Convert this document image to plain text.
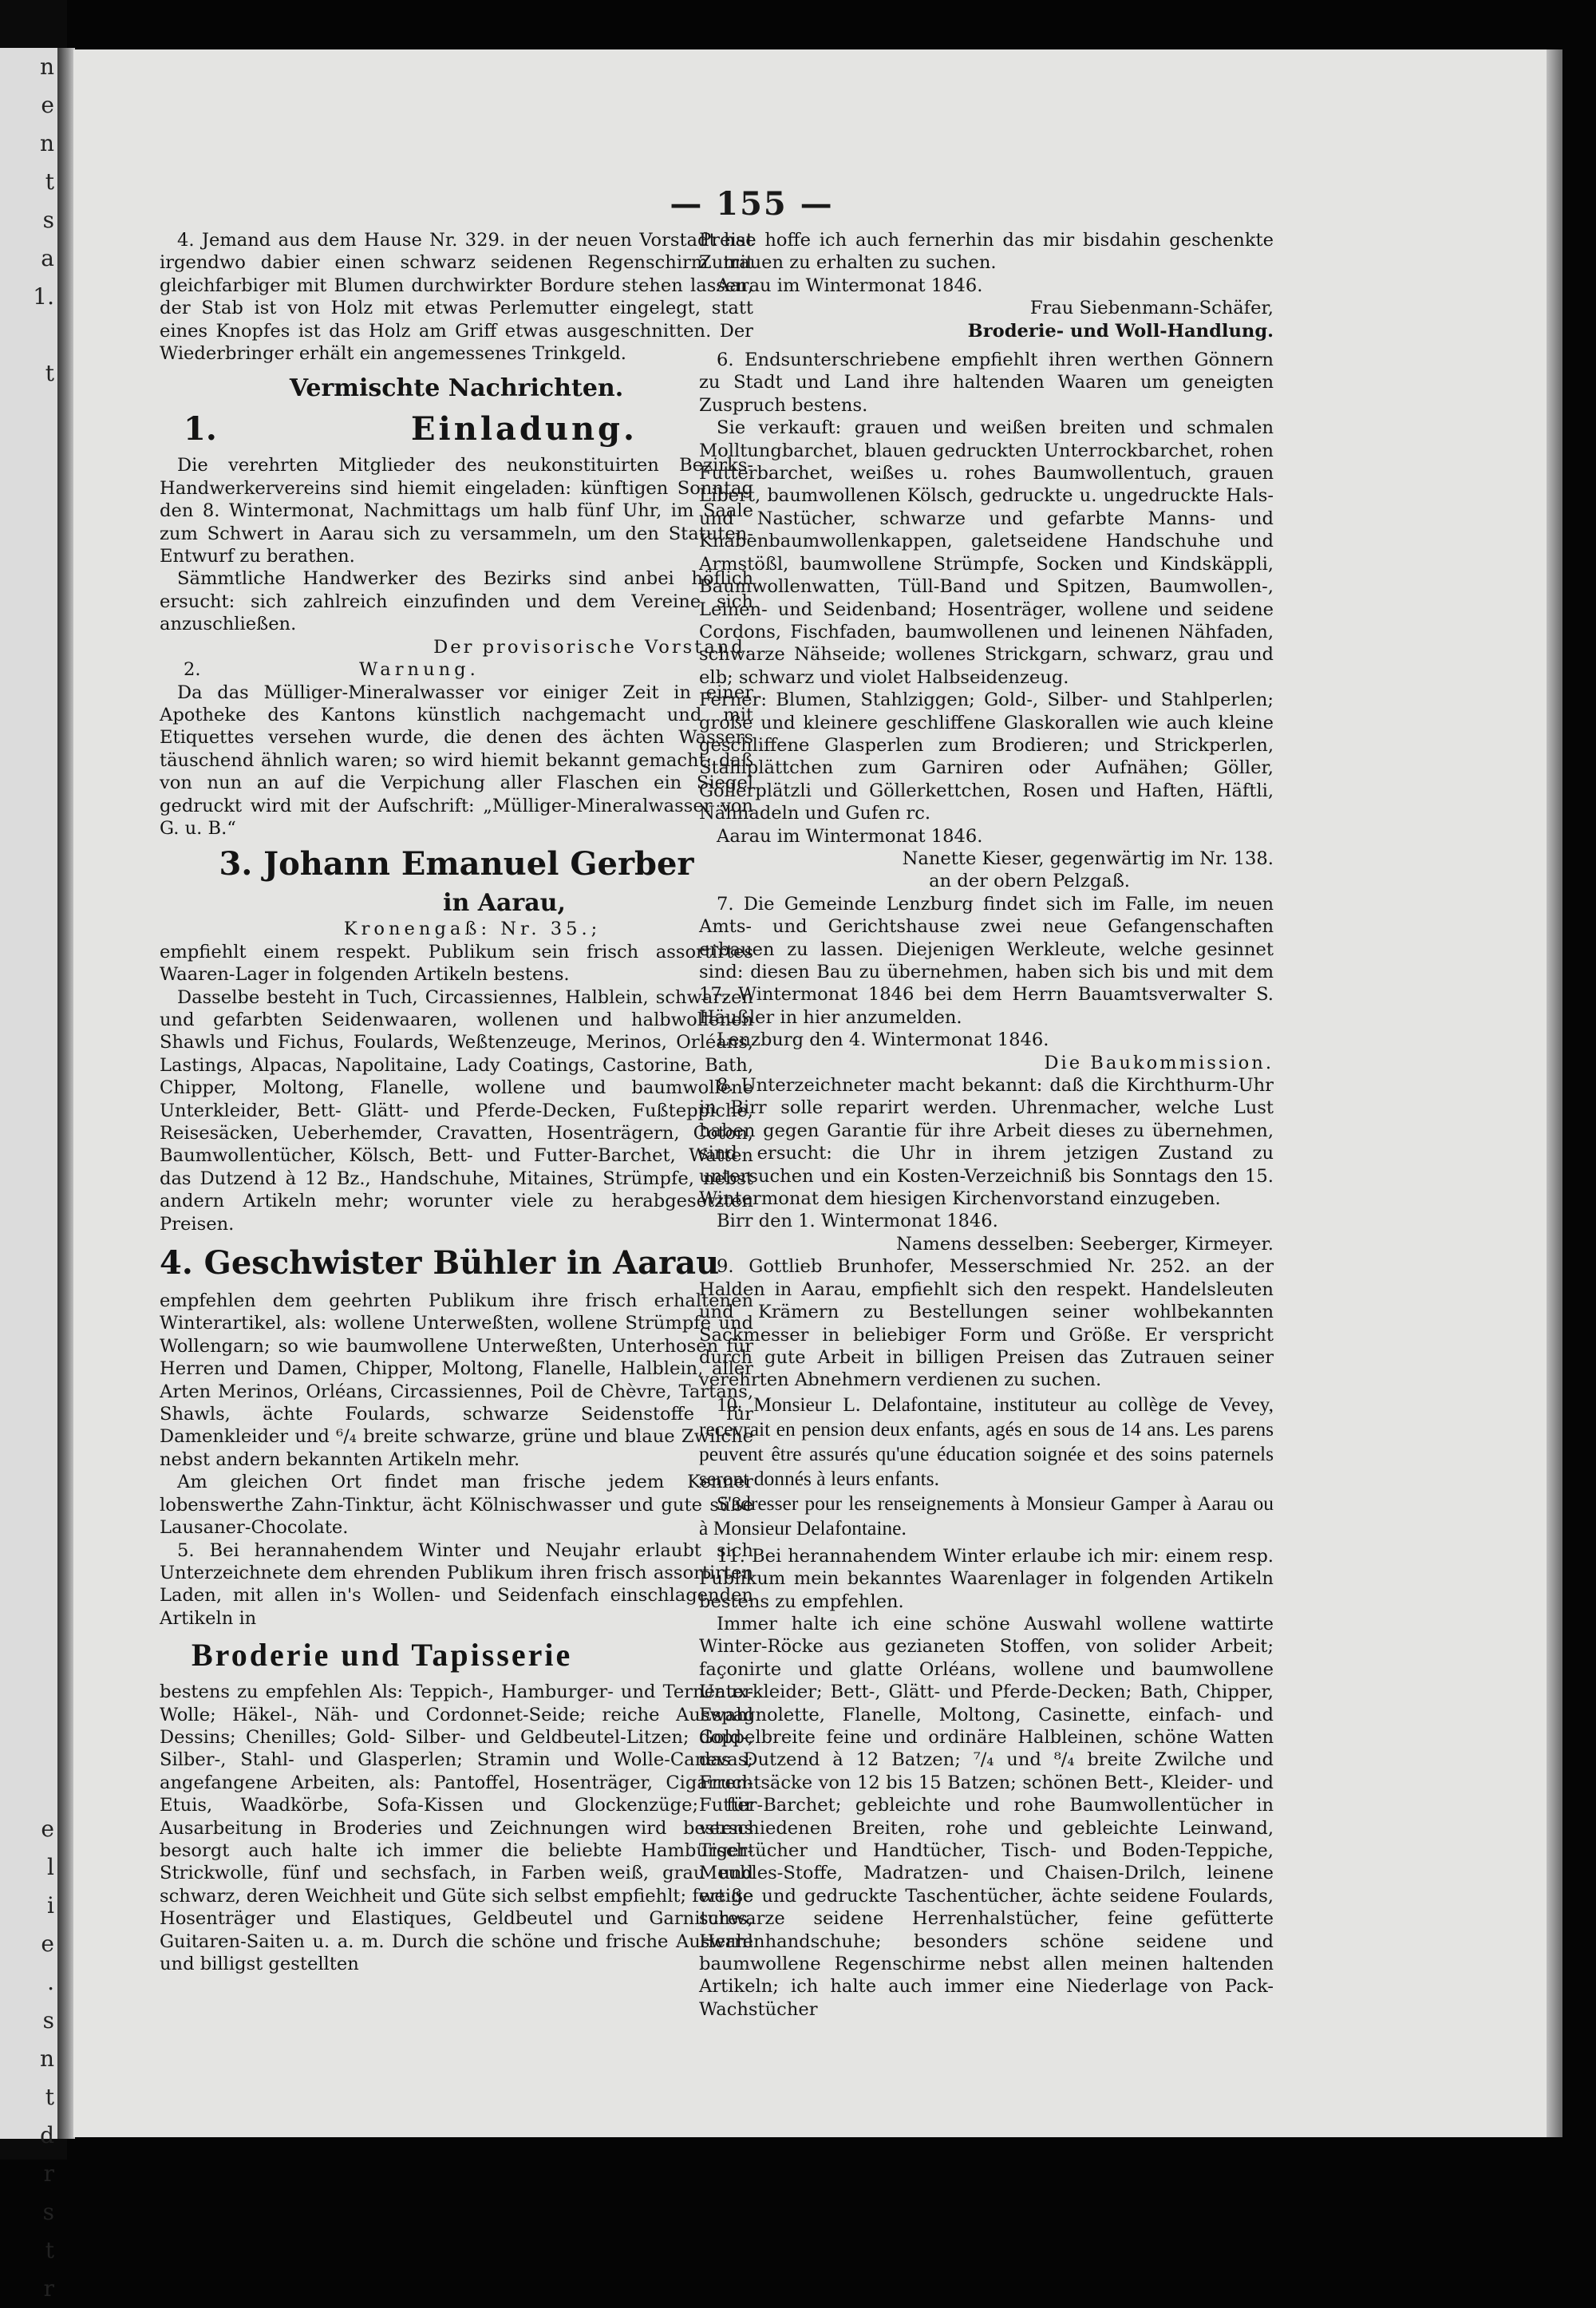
n
e
n
t
s
a
1.

t

e
l
i
e
.
s
n
t
d
r
s
t
r
— 155 —

4. Jemand aus dem Hause Nr. 329. in der neuen Vorstadt hat irgendwo dabier einen schwarz seidenen Regenschirm mit gleichfarbiger mit Blumen durchwirkter Bordure stehen lassen, der Stab ist von Holz mit etwas Perlemutter eingelegt, statt eines Knopfes ist das Holz am Griff etwas ausgeschnitten. Der Wiederbringer erhält ein angemessenes Trinkgeld.

Vermischte Nachrichten.
1.	Einladung.

Die verehrten Mitglieder des neukonstituirten Bezirks-Handwerkervereins sind hiemit eingeladen: künftigen Sonntag den 8. Wintermonat, Nachmittags um halb fünf Uhr, im Saale zum Schwert in Aarau sich zu versammeln, um den Statuten-Entwurf zu berathen.

Sämmtliche Handwerker des Bezirks sind anbei höflich ersucht: sich zahlreich einzufinden und dem Vereine sich anzuschließen.

Der provisorische Vorstand.

2.	Warnung.

Da das Mülliger-Mineralwasser vor einiger Zeit in einer Apotheke des Kantons künstlich nachgemacht und mit Etiquettes versehen wurde, die denen des ächten Wassers täuschend ähnlich waren; so wird hiemit bekannt gemacht: daß von nun an auf die Verpichung aller Flaschen ein Siegel gedruckt wird mit der Aufschrift: „Mülliger-Mineralwasser von G. u. B.“

3. Johann Emanuel Gerber
in Aarau,
Kronengaß: Nr. 35.;

empfiehlt einem respekt. Publikum sein frisch assortirtes Waaren-Lager in folgenden Artikeln bestens.

Dasselbe besteht in Tuch, Circassiennes, Halblein, schwarzen und gefarbten Seidenwaaren, wollenen und halbwollenen Shawls und Fichus, Foulards, Weßtenzeuge, Merinos, Orléans, Lastings, Alpacas, Napolitaine, Lady Coatings, Castorine, Bath, Chipper, Moltong, Flanelle, wollene und baumwollene Unterkleider, Bett- Glätt- und Pferde-Decken, Fußteppiche, Reisesäcken, Ueberhemder, Cravatten, Hosenträgern, Coton, Baumwollentücher, Kölsch, Bett- und Futter-Barchet, Watten das Dutzend à 12 Bz., Handschuhe, Mitaines, Strümpfe, nebst andern Artikeln mehr; worunter viele zu herabgesetzten Preisen.

4. Geschwister Bühler in Aarau

empfehlen dem geehrten Publikum ihre frisch erhaltenen Winterartikel, als: wollene Unterweßten, wollene Strümpfe und Wollengarn; so wie baumwollene Unterweßten, Unterhosen für Herren und Damen, Chipper, Moltong, Flanelle, Halblein, aller Arten Merinos, Orléans, Circassiennes, Poil de Chèvre, Tartans, Shawls, ächte Foulards, schwarze Seidenstoffe für Damenkleider und ⁶/₄ breite schwarze, grüne und blaue Zwilche nebst andern bekannten Artikeln mehr.

Am gleichen Ort findet man frische jedem Kenner lobenswerthe Zahn-Tinktur, ächt Kölnischwasser und gute süße Lausaner-Chocolate.

5. Bei herannahendem Winter und Neujahr erlaubt sich Unterzeichnete dem ehrenden Publikum ihren frisch assortirten Laden, mit allen in's Wollen- und Seidenfach einschlagenden Artikeln in

Broderie und Tapisserie

bestens zu empfehlen Als: Teppich-, Hamburger- und Terneaux-Wolle; Häkel-, Näh- und Cordonnet-Seide; reiche Auswahl Dessins; Chenilles; Gold- Silber- und Geldbeutel-Litzen; Gold-, Silber-, Stahl- und Glasperlen; Stramin und Wolle-Canevas; angefangene Arbeiten, als: Pantoffel, Hosenträger, Cigarren-Etuis, Waadkörbe, Sofa-Kissen und Glockenzüge; für Ausarbeitung in Broderies und Zeichnungen wird bestens besorgt auch halte ich immer die beliebte Hamburger-Strickwolle, fünf und sechsfach, in Farben weiß, grau und schwarz, deren Weichheit und Güte sich selbst empfiehlt; fertige Hosenträger und Elastiques, Geldbeutel und Garnitures, Guitaren-Saiten u. a. m. Durch die schöne und frische Auswahl und billigst gestellten

Preise hoffe ich auch fernerhin das mir bisdahin geschenkte Zutrauen zu erhalten zu suchen.

Aarau im Wintermonat 1846.

Frau Siebenmann-Schäfer,

Broderie- und Woll-Handlung.

6. Endsunterschriebene empfiehlt ihren werthen Gönnern zu Stadt und Land ihre haltenden Waaren um geneigten Zuspruch bestens.

Sie verkauft: grauen und weißen breiten und schmalen Molltungbarchet, blauen gedruckten Unterrockbarchet, rohen Futterbarchet, weißes u. rohes Baumwollentuch, grauen Libert, baumwollenen Kölsch, gedruckte u. ungedruckte Hals- und Nastücher, schwarze und gefarbte Manns- und Knabenbaumwollenkappen, galetseidene Handschuhe und Armstößl, baumwollene Strümpfe, Socken und Kindskäppli, Baumwollenwatten, Tüll-Band und Spitzen, Baumwollen-, Leinen- und Seidenband; Hosenträger, wollene und seidene Cordons, Fischfaden, baumwollenen und leinenen Nähfaden, schwarze Nähseide; wollenes Strickgarn, schwarz, grau und elb; schwarz und violet Halbseidenzeug.

Ferner: Blumen, Stahlziggen; Gold-, Silber- und Stahlperlen; große und kleinere geschliffene Glaskorallen wie auch kleine geschliffene Glasperlen zum Brodieren; und Strickperlen, Stahlplättchen zum Garniren oder Aufnähen; Göller, Göllerplätzli und Göllerkettchen, Rosen und Haften, Häftli, Nähnadeln und Gufen rc.

Aarau im Wintermonat 1846.

Nanette Kieser, gegenwärtig im Nr. 138.

an der obern Pelzgaß.

7. Die Gemeinde Lenzburg findet sich im Falle, im neuen Amts- und Gerichtshause zwei neue Gefangenschaften erbauen zu lassen. Diejenigen Werkleute, welche gesinnet sind: diesen Bau zu übernehmen, haben sich bis und mit dem 17. Wintermonat 1846 bei dem Herrn Bauamtsverwalter S. Häußler in hier anzumelden.

Lenzburg den 4. Wintermonat 1846.

Die Baukommission.

8. Unterzeichneter macht bekannt: daß die Kirchthurm-Uhr in Birr solle reparirt werden. Uhrenmacher, welche Lust haben gegen Garantie für ihre Arbeit dieses zu übernehmen, sind ersucht: die Uhr in ihrem jetzigen Zustand zu untersuchen und ein Kosten-Verzeichniß bis Sonntags den 15. Wintermonat dem hiesigen Kirchenvorstand einzugeben.

Birr den 1. Wintermonat 1846.

Namens desselben: Seeberger, Kirmeyer.

9. Gottlieb Brunhofer, Messerschmied Nr. 252. an der Halden in Aarau, empfiehlt sich den respekt. Handelsleuten und Krämern zu Bestellungen seiner wohlbekannten Sackmesser in beliebiger Form und Größe. Er verspricht durch gute Arbeit in billigen Preisen das Zutrauen seiner verehrten Abnehmern verdienen zu suchen.

10. Monsieur L. Delafontaine, instituteur au collège de Vevey, recevrait en pension deux enfants, agés en sous de 14 ans. Les parens peuvent être assurés qu'une éducation soignée et des soins paternels seront donnés à leurs enfants.

S'adresser pour les renseignements à Monsieur Gamper à Aarau ou à Monsieur Delafontaine.

11. Bei herannahendem Winter erlaube ich mir: einem resp. Publikum mein bekanntes Waarenlager in folgenden Artikeln bestens zu empfehlen.

Immer halte ich eine schöne Auswahl wollene wattirte Winter-Röcke aus gezianeten Stoffen, von solider Arbeit; façonirte und glatte Orléans, wollene und baumwollene Unterkleider; Bett-, Glätt- und Pferde-Decken; Bath, Chipper, Espagnolette, Flanelle, Moltong, Casinette, einfach- und doppelbreite feine und ordinäre Halbleinen, schöne Watten das Dutzend à 12 Batzen; ⁷/₄ und ⁸/₄ breite Zwilche und Fruchtsäcke von 12 bis 15 Batzen; schönen Bett-, Kleider- und Futter-Barchet; gebleichte und rohe Baumwollentücher in verschiedenen Breiten, rohe und gebleichte Leinwand, Tischtücher und Handtücher, Tisch- und Boden-Teppiche, Meubles-Stoffe, Madratzen- und Chaisen-Drilch, leinene weiße und gedruckte Taschentücher, ächte seidene Foulards, schwarze seidene Herrenhalstücher, feine gefütterte Herrenhandschuhe; besonders schöne seidene und baumwollene Regenschirme nebst allen meinen haltenden Artikeln; ich halte auch immer eine Niederlage von Pack-Wachstücher
